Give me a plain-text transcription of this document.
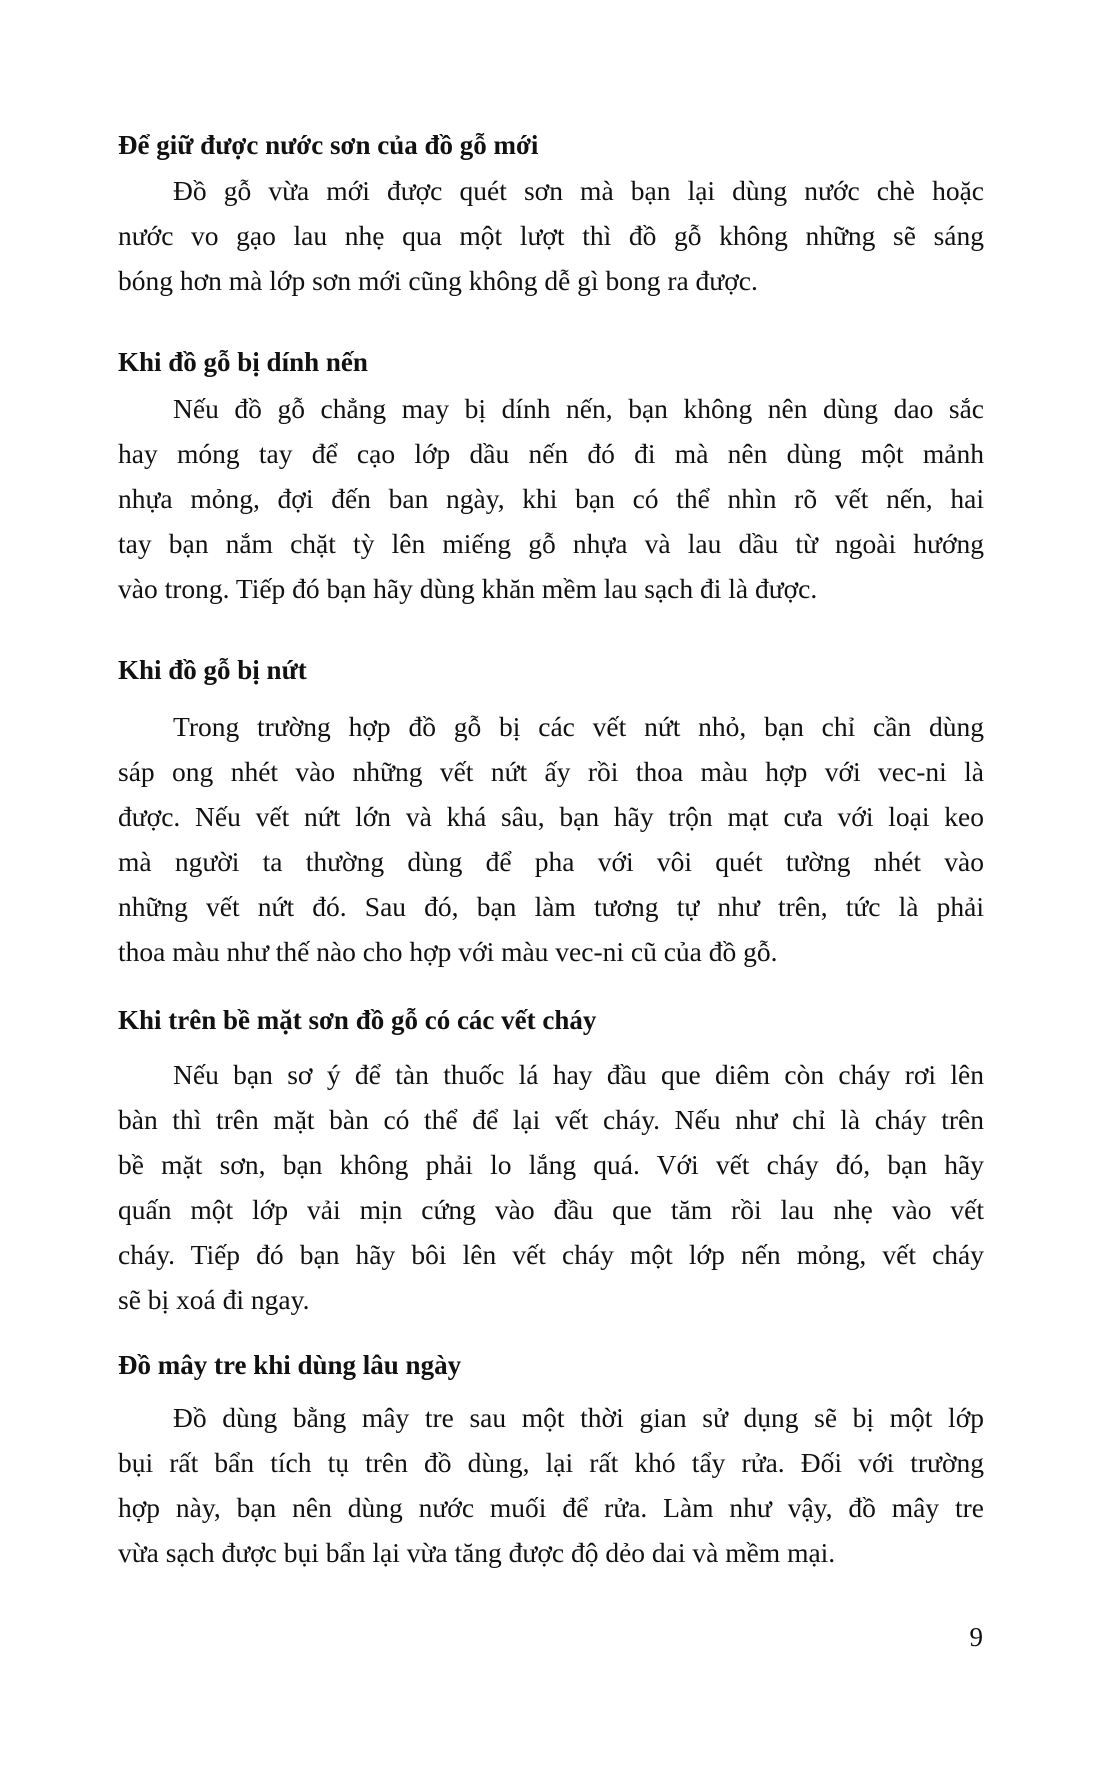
Để giữ được nước sơn của đồ gỗ mới
Đồ gỗ vừa mới được quét sơn mà bạn lại dùng nước chè hoặc
nước vo gạo lau nhẹ qua một lượt thì đồ gỗ không những sẽ sáng
bóng hơn mà lớp sơn mới cũng không dễ gì bong ra được.
Khi đồ gỗ bị dính nến
Nếu đồ gỗ chẳng may bị dính nến, bạn không nên dùng dao sắc
hay móng tay để cạo lớp dầu nến đó đi mà nên dùng một mảnh
nhựa mỏng, đợi đến ban ngày, khi bạn có thể nhìn rõ vết nến, hai
tay bạn nắm chặt tỳ lên miếng gỗ nhựa và lau dầu từ ngoài hướng
vào trong. Tiếp đó bạn hãy dùng khăn mềm lau sạch đi là được.
Khi đồ gỗ bị nứt
Trong trường hợp đồ gỗ bị các vết nứt nhỏ, bạn chỉ cần dùng
sáp ong nhét vào những vết nứt ấy rồi thoa màu hợp với vec-ni là
được. Nếu vết nứt lớn và khá sâu, bạn hãy trộn mạt cưa với loại keo
mà người ta thường dùng để pha với vôi quét tường nhét vào
những vết nứt đó. Sau đó, bạn làm tương tự như trên, tức là phải
thoa màu như thế nào cho hợp với màu vec-ni cũ của đồ gỗ.
Khi trên bề mặt sơn đồ gỗ có các vết cháy
Nếu bạn sơ ý để tàn thuốc lá hay đầu que diêm còn cháy rơi lên
bàn thì trên mặt bàn có thể để lại vết cháy. Nếu như chỉ là cháy trên
bề mặt sơn, bạn không phải lo lắng quá. Với vết cháy đó, bạn hãy
quấn một lớp vải mịn cứng vào đầu que tăm rồi lau nhẹ vào vết
cháy. Tiếp đó bạn hãy bôi lên vết cháy một lớp nến mỏng, vết cháy
sẽ bị xoá đi ngay.
Đồ mây tre khi dùng lâu ngày
Đồ dùng bằng mây tre sau một thời gian sử dụng sẽ bị một lớp
bụi rất bẩn tích tụ trên đồ dùng, lại rất khó tẩy rửa. Đối với trường
hợp này, bạn nên dùng nước muối để rửa. Làm như vậy, đồ mây tre
vừa sạch được bụi bẩn lại vừa tăng được độ dẻo dai và mềm mại.
9
